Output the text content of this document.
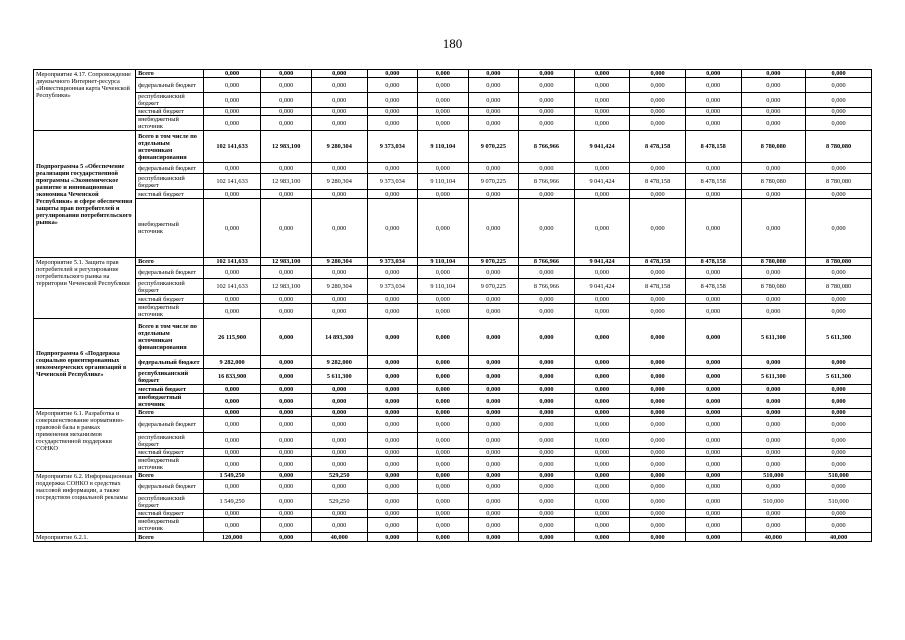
180
Мероприятие 4.17. Сопровождение двуязычного Интернет-ресурса «Инвестиционная карта Чеченской Республики»	Всего	0,000	0,000	0,000	0,000	0,000	0,000	0,000	0,000	0,000	0,000	0,000	0,000
	федеральный бюджет	0,000	0,000	0,000	0,000	0,000	0,000	0,000	0,000	0,000	0,000	0,000	0,000
	республиканский бюджет	0,000	0,000	0,000	0,000	0,000	0,000	0,000	0,000	0,000	0,000	0,000	0,000
	местный бюджет	0,000	0,000	0,000	0,000	0,000	0,000	0,000	0,000	0,000	0,000	0,000	0,000
	внебюджетный источник	0,000	0,000	0,000	0,000	0,000	0,000	0,000	0,000	0,000	0,000	0,000	0,000
Подпрограмма 5 «Обеспечение реализации государственной программы «Экономическое развитие и инновационная экономика Чеченской Республики» и сфере обеспечения защиты прав потребителей и регулирования потребительского рынка»	Всего в том числе по отдельным источникам финансирования	102 141,633	12 983,100	9 280,304	9 373,034	9 110,104	9 070,225	8 766,966	9 041,424	8 478,158	8 478,158	8 780,080	8 780,080
	федеральный бюджет	0,000	0,000	0,000	0,000	0,000	0,000	0,000	0,000	0,000	0,000	0,000	0,000
	республиканский бюджет	102 141,633	12 983,100	9 280,304	9 373,034	9 110,104	9 070,225	8 766,966	9 041,424	8 478,158	8 478,158	8 780,080	8 780,080
	местный бюджет	0,000	0,000	0,000	0,000	0,000	0,000	0,000	0,000	0,000	0,000	0,000	0,000
	внебюджетный источник	0,000	0,000	0,000	0,000	0,000	0,000	0,000	0,000	0,000	0,000	0,000	0,000
Мероприятие 5.1. Защита прав потребителей и регулирование потребительского рынка на территории Чеченской Республики	Всего	102 141,633	12 983,100	9 280,304	9 373,034	9 110,104	9 070,225	8 766,966	9 041,424	8 478,158	8 478,158	8 780,080	8 780,080
	федеральный бюджет	0,000	0,000	0,000	0,000	0,000	0,000	0,000	0,000	0,000	0,000	0,000	0,000
	республиканский бюджет	102 141,633	12 983,100	9 280,304	9 373,034	9 110,104	9 070,225	8 766,966	9 041,424	8 478,158	8 478,158	8 780,080	8 780,080
	местный бюджет	0,000	0,000	0,000	0,000	0,000	0,000	0,000	0,000	0,000	0,000	0,000	0,000
	внебюджетный источник	0,000	0,000	0,000	0,000	0,000	0,000	0,000	0,000	0,000	0,000	0,000	0,000
Подпрограмма 6 «Поддержка социально ориентированных некоммерческих организаций в Чеченской Республике»	Всего в том числе по отдельным источникам финансирования	26 115,900	0,000	14 893,300	0,000	0,000	0,000	0,000	0,000	0,000	0,000	5 611,300	5 611,300
	федеральный бюджет	9 282,000	0,000	9 282,000	0,000	0,000	0,000	0,000	0,000	0,000	0,000	0,000	0,000
	республиканский бюджет	16 833,900	0,000	5 611,300	0,000	0,000	0,000	0,000	0,000	0,000	0,000	5 611,300	5 611,300
	местный бюджет	0,000	0,000	0,000	0,000	0,000	0,000	0,000	0,000	0,000	0,000	0,000	0,000
	внебюджетный источник	0,000	0,000	0,000	0,000	0,000	0,000	0,000	0,000	0,000	0,000	0,000	0,000
Мероприятие 6.1. Разработка и совершенствование нормативно-правовой базы в рамках применения механизмов государственной поддержки СОНКО	Всего	0,000	0,000	0,000	0,000	0,000	0,000	0,000	0,000	0,000	0,000	0,000	0,000
	федеральный бюджет	0,000	0,000	0,000	0,000	0,000	0,000	0,000	0,000	0,000	0,000	0,000	0,000
	республиканский бюджет	0,000	0,000	0,000	0,000	0,000	0,000	0,000	0,000	0,000	0,000	0,000	0,000
	местный бюджет	0,000	0,000	0,000	0,000	0,000	0,000	0,000	0,000	0,000	0,000	0,000	0,000
	внебюджетный источник	0,000	0,000	0,000	0,000	0,000	0,000	0,000	0,000	0,000	0,000	0,000	0,000
Мероприятие 6.2. Информационная поддержка СОНКО в средствах массовой информации, а также посредством социальной рекламы	Всего	1 549,250	0,000	529,250	0,000	0,000	0,000	0,000	0,000	0,000	0,000	510,000	510,000
	федеральный бюджет	0,000	0,000	0,000	0,000	0,000	0,000	0,000	0,000	0,000	0,000	0,000	0,000
	республиканский бюджет	1 549,250	0,000	529,250	0,000	0,000	0,000	0,000	0,000	0,000	0,000	510,000	510,000
	местный бюджет	0,000	0,000	0,000	0,000	0,000	0,000	0,000	0,000	0,000	0,000	0,000	0,000
	внебюджетный источник	0,000	0,000	0,000	0,000	0,000	0,000	0,000	0,000	0,000	0,000	0,000	0,000
Мероприятие 6.2.1.	Всего	120,000	0,000	40,000	0,000	0,000	0,000	0,000	0,000	0,000	0,000	40,000	40,000
